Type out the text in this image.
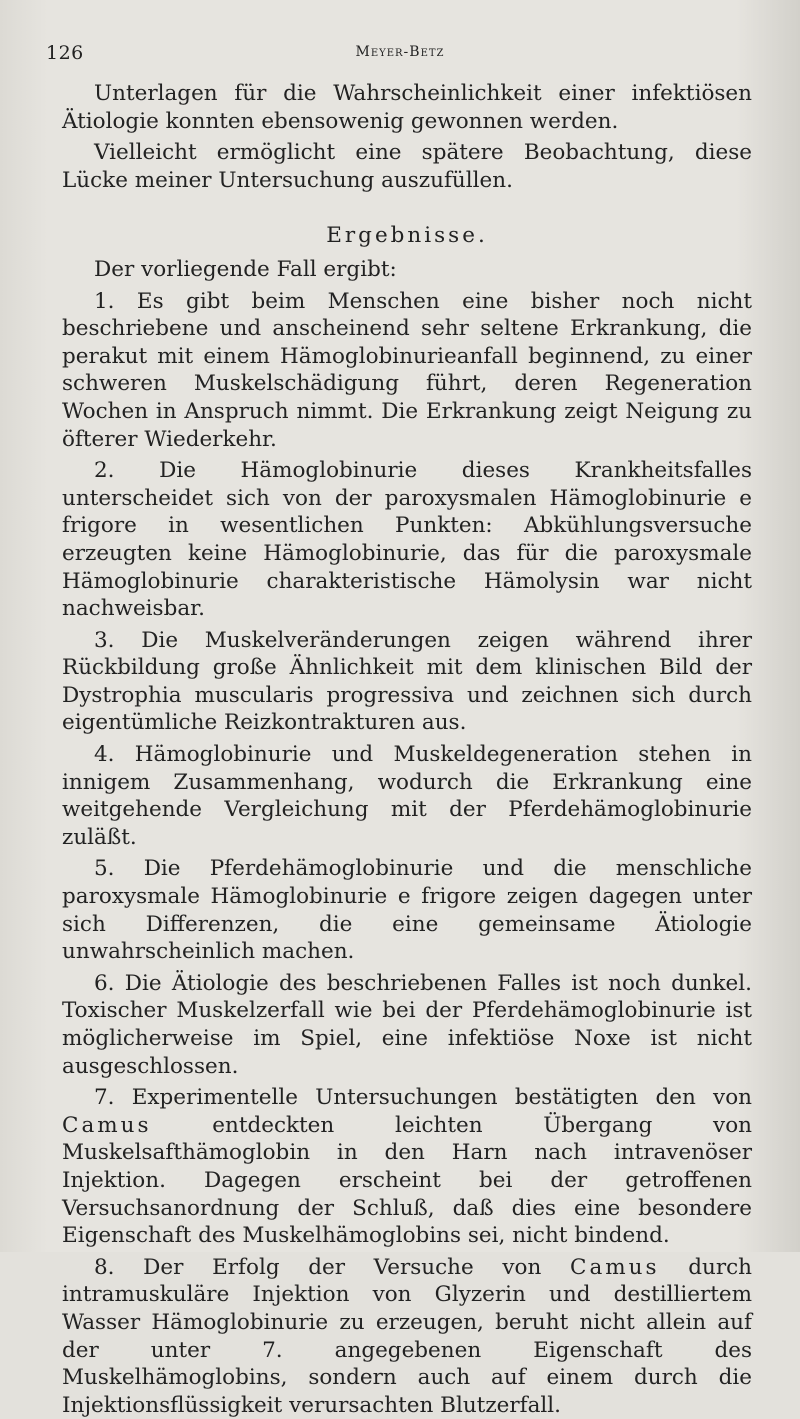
126	Meyer-Betz

Unterlagen für die Wahrscheinlichkeit einer infektiösen Ätiologie konnten ebensowenig gewonnen werden.

Vielleicht ermöglicht eine spätere Beobachtung, diese Lücke meiner Untersuchung auszufüllen.

Ergebnisse.

Der vorliegende Fall ergibt:

1. Es gibt beim Menschen eine bisher noch nicht beschriebene und anscheinend sehr seltene Erkrankung, die perakut mit einem Hämoglobinurieanfall beginnend, zu einer schweren Muskelschädigung führt, deren Regeneration Wochen in Anspruch nimmt. Die Erkrankung zeigt Neigung zu öfterer Wiederkehr.

2. Die Hämoglobinurie dieses Krankheitsfalles unterscheidet sich von der paroxysmalen Hämoglobinurie e frigore in wesentlichen Punkten: Abkühlungsversuche erzeugten keine Hämoglobinurie, das für die paroxysmale Hämoglobinurie charakteristische Hämolysin war nicht nachweisbar.

3. Die Muskelveränderungen zeigen während ihrer Rückbildung große Ähnlichkeit mit dem klinischen Bild der Dystrophia muscularis progressiva und zeichnen sich durch eigentümliche Reizkontrakturen aus.

4. Hämoglobinurie und Muskeldegeneration stehen in innigem Zusammenhang, wodurch die Erkrankung eine weitgehende Vergleichung mit der Pferdehämoglobinurie zuläßt.

5. Die Pferdehämoglobinurie und die menschliche paroxysmale Hämoglobinurie e frigore zeigen dagegen unter sich Differenzen, die eine gemeinsame Ätiologie unwahrscheinlich machen.

6. Die Ätiologie des beschriebenen Falles ist noch dunkel. Toxischer Muskelzerfall wie bei der Pferdehämoglobinurie ist möglicherweise im Spiel, eine infektiöse Noxe ist nicht ausgeschlossen.

7. Experimentelle Untersuchungen bestätigten den von Camus entdeckten leichten Übergang von Muskelsafthämoglobin in den Harn nach intravenöser Injektion. Dagegen erscheint bei der getroffenen Versuchsanordnung der Schluß, daß dies eine besondere Eigenschaft des Muskelhämoglobins sei, nicht bindend.

8. Der Erfolg der Versuche von Camus durch intramuskuläre Injektion von Glyzerin und destilliertem Wasser Hämoglobinurie zu erzeugen, beruht nicht allein auf der unter 7. angegebenen Eigenschaft des Muskelhämoglobins, sondern auch auf einem durch die Injektionsflüssigkeit verursachten Blutzerfall.
